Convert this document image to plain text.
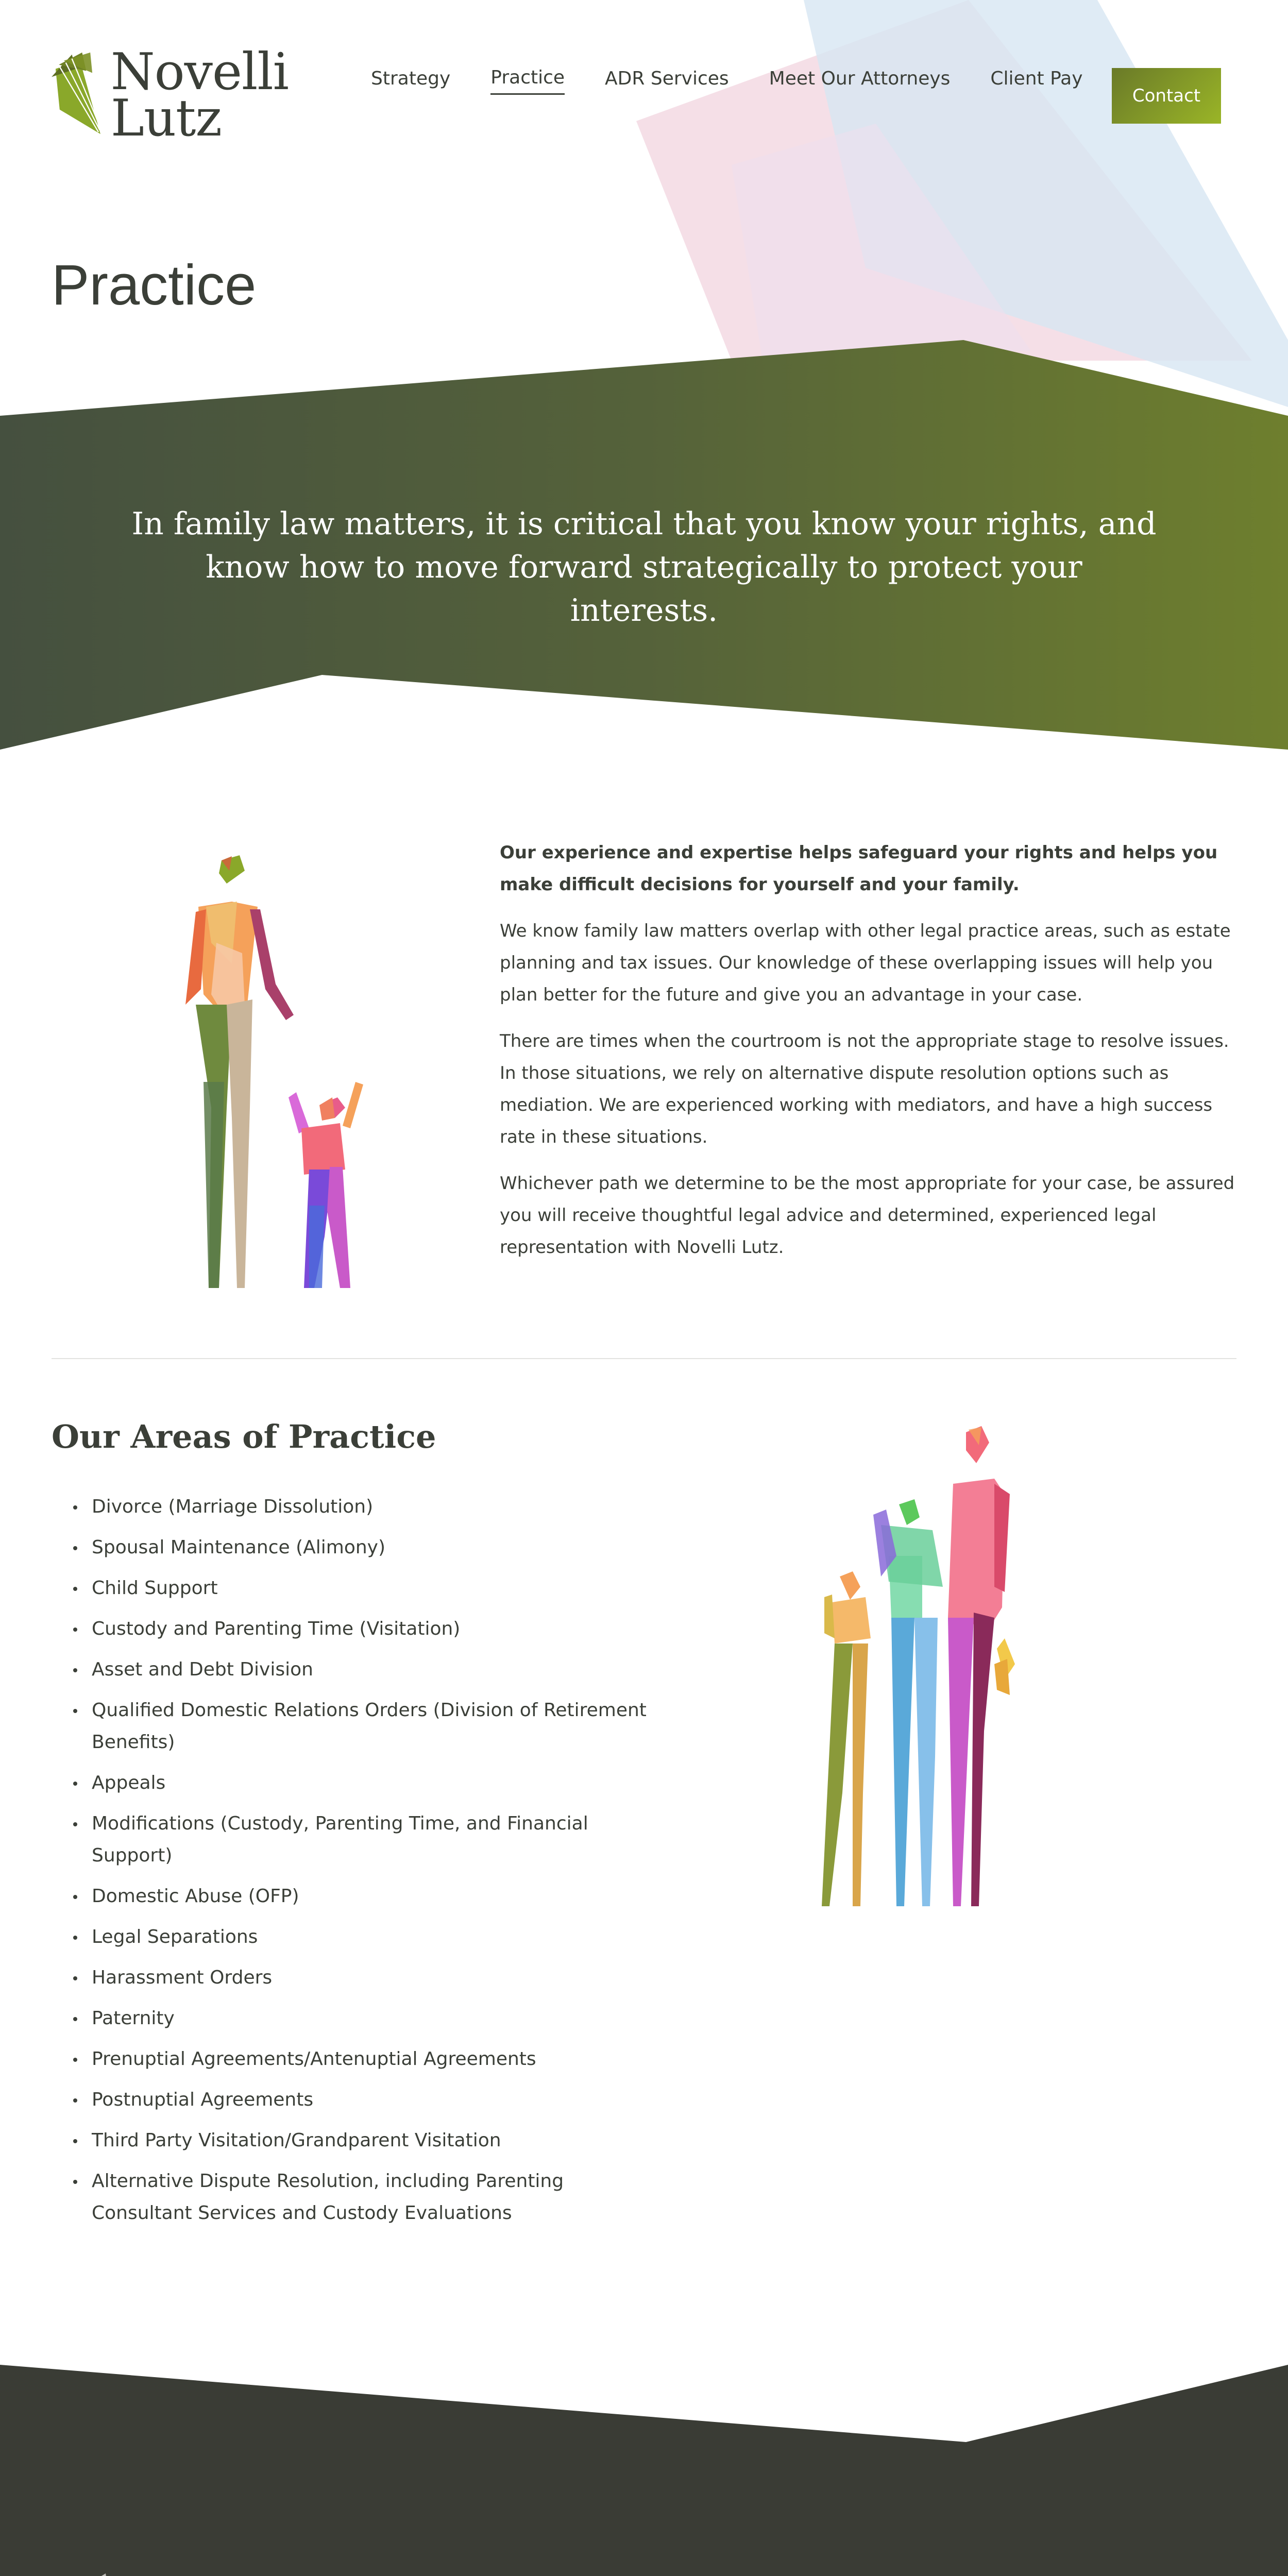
Novelli
Lutz
Strategy Practice ADR Services Meet Our Attorneys Client Pay
Contact
Practice

In family law matters, it is critical that you know your rights, and know how to move forward strategically to protect your interests.

Our experience and expertise helps safeguard your rights and helps you make difficult decisions for yourself and your family.

We know family law matters overlap with other legal practice areas, such as estate planning and tax issues. Our knowledge of these overlapping issues will help you plan better for the future and give you an advantage in your case.

There are times when the courtroom is not the appropriate stage to resolve issues. In those situations, we rely on alternative dispute resolution options such as mediation. We are experienced working with mediators, and have a high success rate in these situations.

Whichever path we determine to be the most appropriate for your case, be assured you will receive thoughtful legal advice and determined, experienced legal representation with Novelli Lutz.

Our Areas of Practice
Divorce (Marriage Dissolution)
Spousal Maintenance (Alimony)
Child Support
Custody and Parenting Time (Visitation)
Asset and Debt Division
Qualified Domestic Relations Orders (Division of Retirement Benefits)
Appeals
Modifications (Custody, Parenting Time, and Financial Support)
Domestic Abuse (OFP)
Legal Separations
Harassment Orders
Paternity
Prenuptial Agreements/Antenuptial Agreements
Postnuptial Agreements
Third Party Visitation/Grandparent Visitation
Alternative Dispute Resolution, including Parenting Consultant Services and Custody Evaluations
